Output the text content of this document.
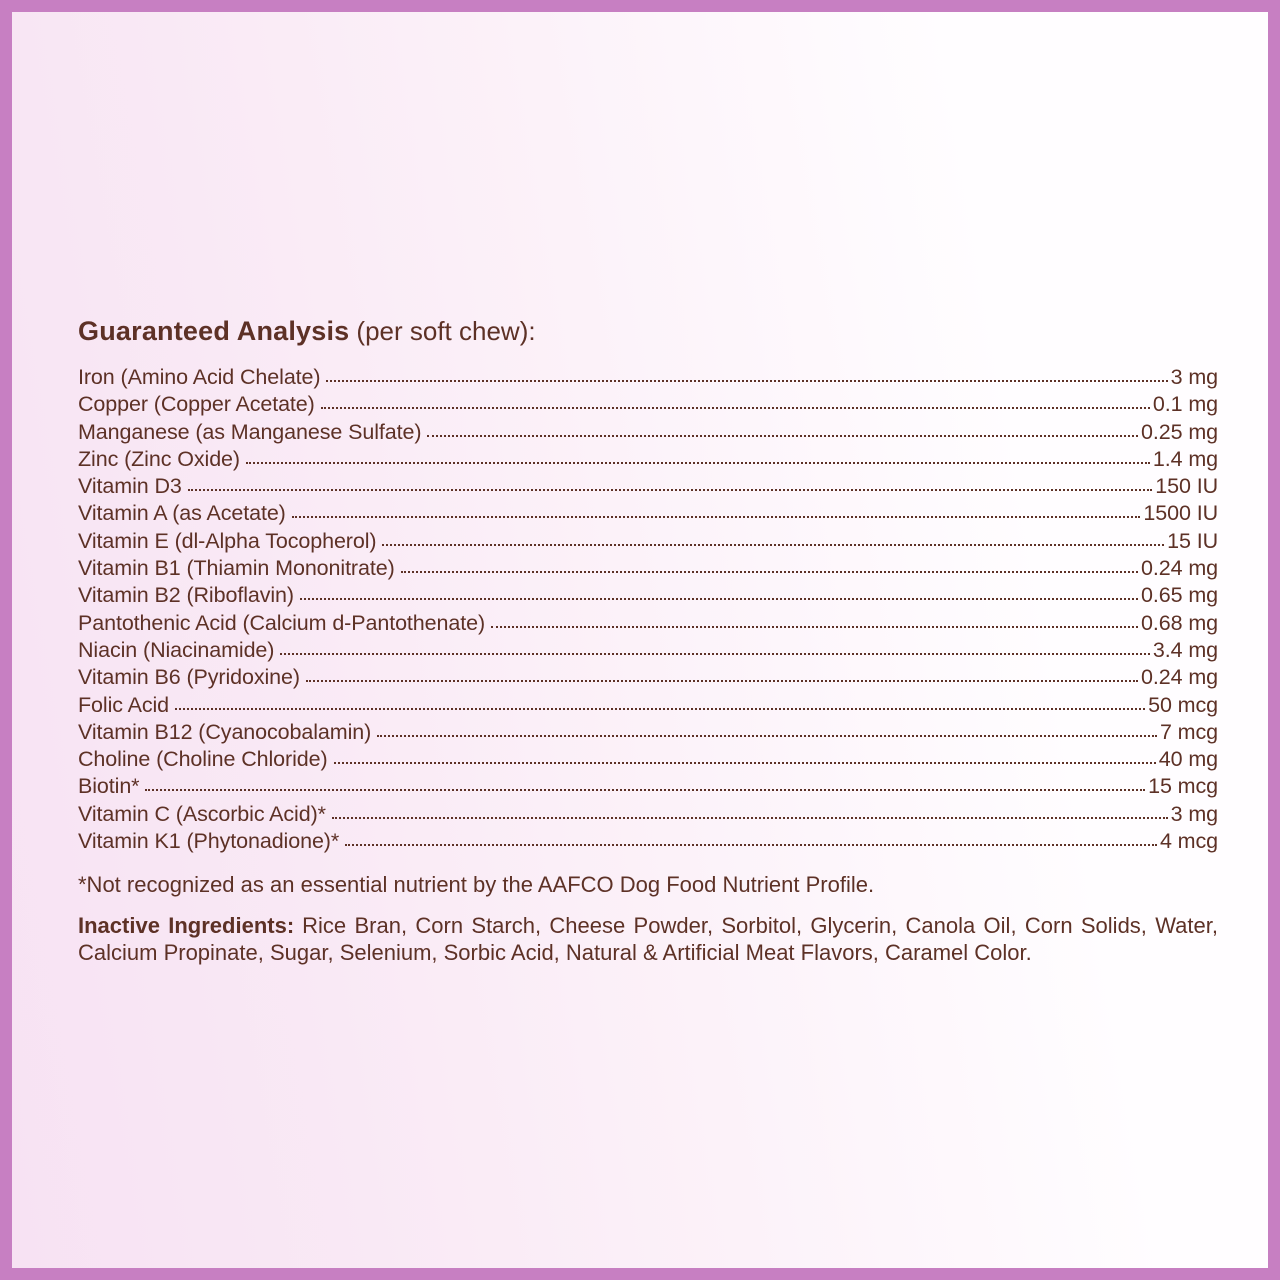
Guaranteed Analysis (per soft chew):
Iron (Amino Acid Chelate)	3 mg
Copper (Copper Acetate)	0.1 mg
Manganese (as Manganese Sulfate)	0.25 mg
Zinc (Zinc Oxide)	1.4 mg
Vitamin D3	150 IU
Vitamin A (as Acetate)	1500 IU
Vitamin E (dl-Alpha Tocopherol)	15 IU
Vitamin B1 (Thiamin Mononitrate)	0.24 mg
Vitamin B2 (Riboflavin)	0.65 mg
Pantothenic Acid (Calcium d-Pantothenate)	0.68 mg
Niacin (Niacinamide)	3.4 mg
Vitamin B6 (Pyridoxine)	0.24 mg
Folic Acid	50 mcg
Vitamin B12 (Cyanocobalamin)	7 mcg
Choline (Choline Chloride)	40 mg
Biotin*	15 mcg
Vitamin C (Ascorbic Acid)*	3 mg
Vitamin K1 (Phytonadione)*	4 mcg

*Not recognized as an essential nutrient by the AAFCO Dog Food Nutrient Profile.

Inactive Ingredients: Rice Bran, Corn Starch, Cheese Powder, Sorbitol, Glycerin, Canola Oil, Corn Solids, Water, Calcium Propinate, Sugar, Selenium, Sorbic Acid, Natural & Artificial Meat Flavors, Caramel Color.
